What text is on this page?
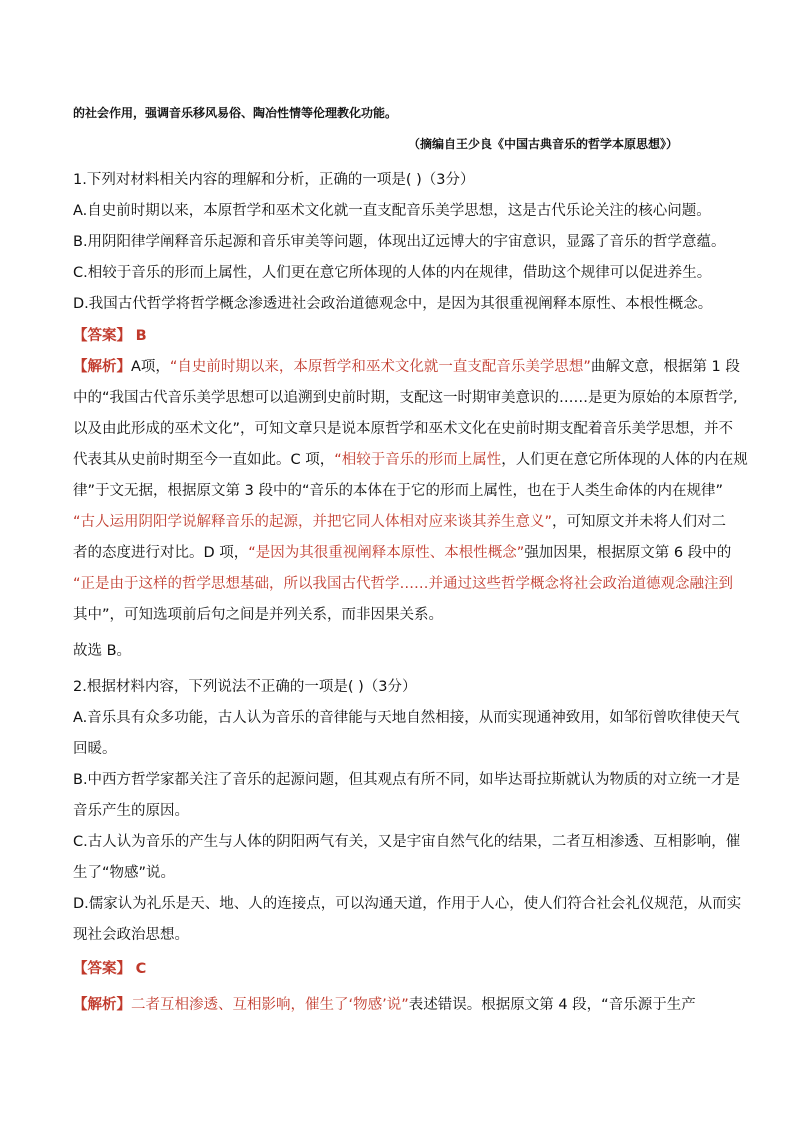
的社会作用，强调音乐移风易俗、陶冶性情等伦理教化功能。
（摘编自王少良《中国古典音乐的哲学本原思想》）
1.下列对材料相关内容的理解和分析，正确的一项是( )（3分）
A.自史前时期以来，本原哲学和巫术文化就一直支配音乐美学思想，这是古代乐论关注的核心问题。
B.用阴阳律学阐释音乐起源和音乐审美等问题，体现出辽远博大的宇宙意识，显露了音乐的哲学意蕴。
C.相较于音乐的形而上属性，人们更在意它所体现的人体的内在规律，借助这个规律可以促进养生。
D.我国古代哲学将哲学概念渗透进社会政治道德观念中，是因为其很重视阐释本原性、本根性概念。
【答案】 B
【解析】A项，“自史前时期以来，本原哲学和巫术文化就一直支配音乐美学思想”曲解文意，根据第 1 段
中的“我国古代音乐美学思想可以追溯到史前时期，支配这一时期审美意识的……是更为原始的本原哲学,
以及由此形成的巫术文化”，可知文章只是说本原哲学和巫术文化在史前时期支配着音乐美学思想，并不
代表其从史前时期至今一直如此。C 项，“相较于音乐的形而上属性，人们更在意它所体现的人体的内在规
律”于文无据，根据原文第 3 段中的“音乐的本体在于它的形而上属性，也在于人类生命体的内在规律”
“古人运用阴阳学说解释音乐的起源，并把它同人体相对应来谈其养生意义”，可知原文并未将人们对二
者的态度进行对比。D 项，“是因为其很重视阐释本原性、本根性概念”强加因果，根据原文第 6 段中的
“正是由于这样的哲学思想基础，所以我国古代哲学……并通过这些哲学概念将社会政治道德观念融注到
其中”，可知选项前后句之间是并列关系，而非因果关系。
故选 B。
2.根据材料内容，下列说法不正确的一项是( )（3分）
A.音乐具有众多功能，古人认为音乐的音律能与天地自然相接，从而实现通神致用，如邹衍曾吹律使天气
回暖。
B.中西方哲学家都关注了音乐的起源问题，但其观点有所不同，如毕达哥拉斯就认为物质的对立统一才是
音乐产生的原因。
C.古人认为音乐的产生与人体的阴阳两气有关，又是宇宙自然气化的结果，二者互相渗透、互相影响，催
生了“物感”说。
D.儒家认为礼乐是天、地、人的连接点，可以沟通天道，作用于人心，使人们符合社会礼仪规范，从而实
现社会政治思想。
【答案】 C
【解析】二者互相渗透、互相影响，催生了‘物感’说”表述错误。根据原文第 4 段，“音乐源于生产
